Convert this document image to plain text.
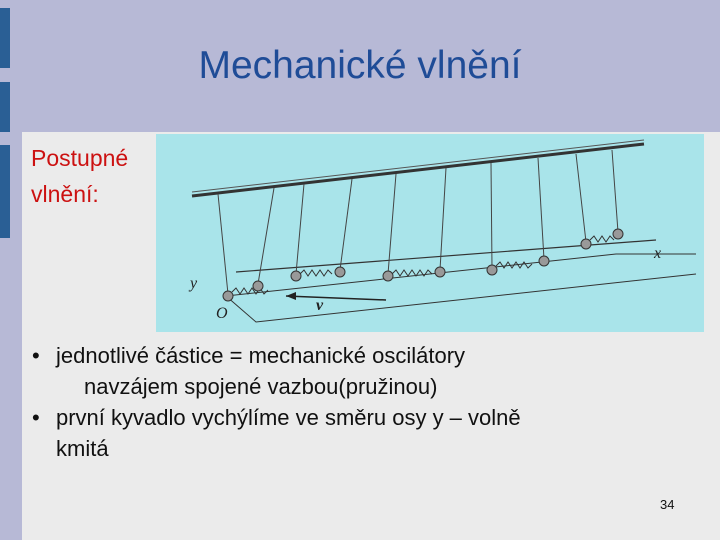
Mechanické vlnění
Postupné
vlnění:
x
y
O	v
• jednotlivé částice = mechanické oscilátory
navzájem spojené vazbou(pružinou)
• první kyvadlo vychýlíme ve směru osy y – volně
kmitá
34
